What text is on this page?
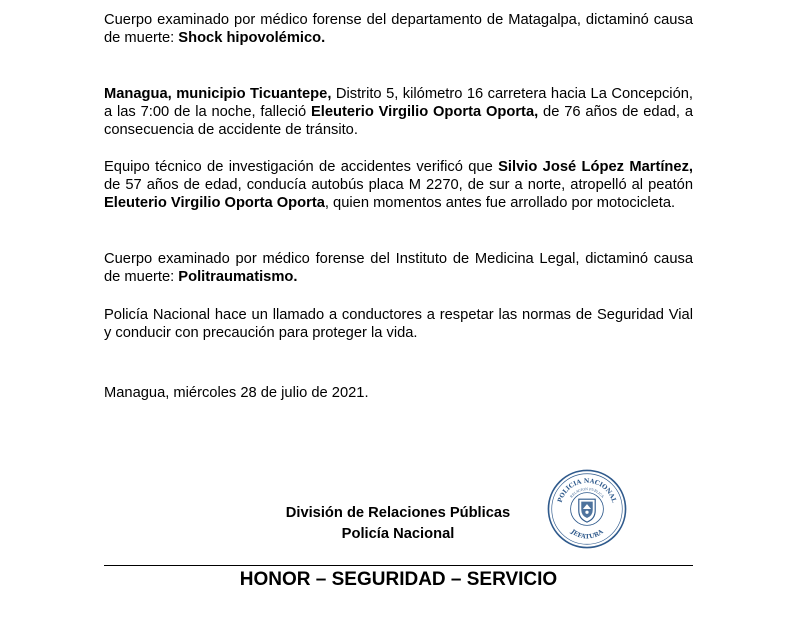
Cuerpo examinado por médico forense del departamento de Matagalpa, dictaminó causa de muerte: Shock hipovolémico.

Managua, municipio Ticuantepe, Distrito 5, kilómetro 16 carretera hacia La Concepción, a las 7:00 de la noche, falleció Eleuterio Virgilio Oporta Oporta, de 76 años de edad, a consecuencia de accidente de tránsito.

Equipo técnico de investigación de accidentes verificó que Silvio José López Martínez, de 57 años de edad, conducía autobús placa M 2270, de sur a norte, atropelló al peatón Eleuterio Virgilio Oporta Oporta, quien momentos antes fue arrollado por motocicleta.

Cuerpo examinado por médico forense del Instituto de Medicina Legal, dictaminó causa de muerte: Politraumatismo.

Policía Nacional hace un llamado a conductores a respetar las normas de Seguridad Vial y conducir con precaución para proteger la vida.

Managua, miércoles 28 de julio de 2021.

División de Relaciones Públicas
Policía Nacional
POLICIA NACIONAL
RELACION PUBLICA
JEFATURA
HONOR – SEGURIDAD – SERVICIO
